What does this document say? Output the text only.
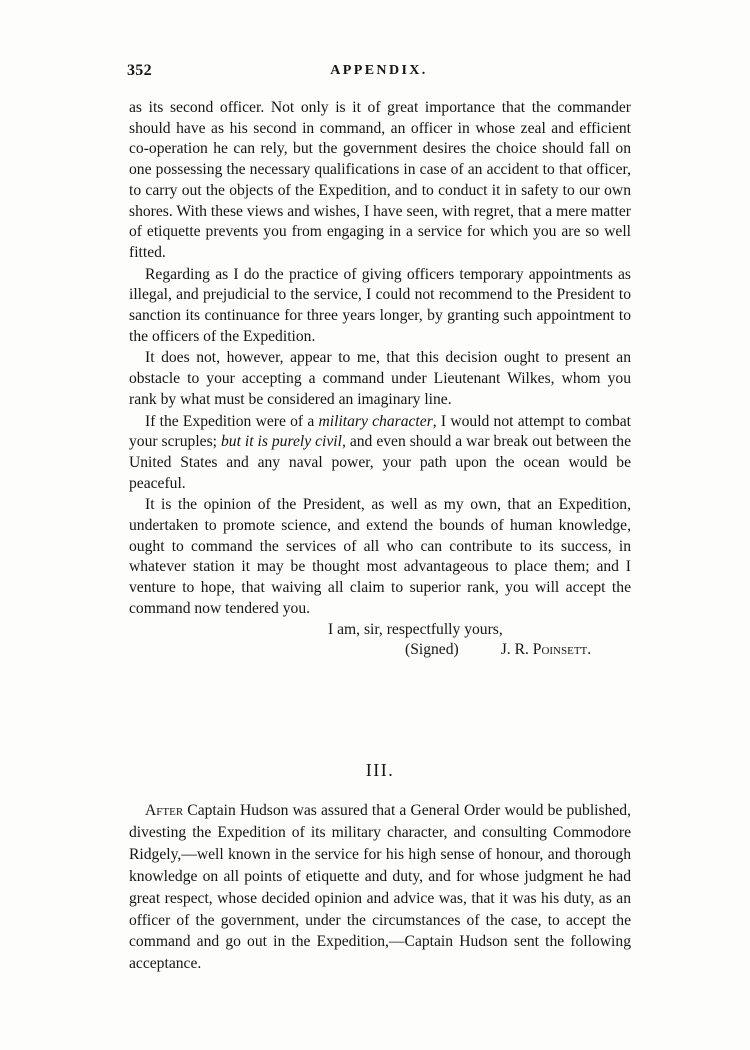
352	APPENDIX.

as its second officer. Not only is it of great importance that the commander should have as his second in command, an officer in whose zeal and efficient co-operation he can rely, but the government desires the choice should fall on one possessing the necessary qualifications in case of an accident to that officer, to carry out the objects of the Expedition, and to conduct it in safety to our own shores. With these views and wishes, I have seen, with regret, that a mere matter of etiquette prevents you from engaging in a service for which you are so well fitted.

Regarding as I do the practice of giving officers temporary appointments as illegal, and prejudicial to the service, I could not recommend to the President to sanction its continuance for three years longer, by granting such appointment to the officers of the Expedition.

It does not, however, appear to me, that this decision ought to present an obstacle to your accepting a command under Lieutenant Wilkes, whom you rank by what must be considered an imaginary line.

If the Expedition were of a military character, I would not attempt to combat your scruples; but it is purely civil, and even should a war break out between the United States and any naval power, your path upon the ocean would be peaceful.

It is the opinion of the President, as well as my own, that an Expedition, undertaken to promote science, and extend the bounds of human knowledge, ought to command the services of all who can contribute to its success, in whatever station it may be thought most advantageous to place them; and I venture to hope, that waiving all claim to superior rank, you will accept the command now tendered you.

I am, sir, respectfully yours,

(Signed)	J. R. Poinsett.

III.

After Captain Hudson was assured that a General Order would be published, divesting the Expedition of its military character, and consulting Commodore Ridgely,—well known in the service for his high sense of honour, and thorough knowledge on all points of etiquette and duty, and for whose judgment he had great respect, whose decided opinion and advice was, that it was his duty, as an officer of the government, under the circumstances of the case, to accept the command and go out in the Expedition,—Captain Hudson sent the following acceptance.
